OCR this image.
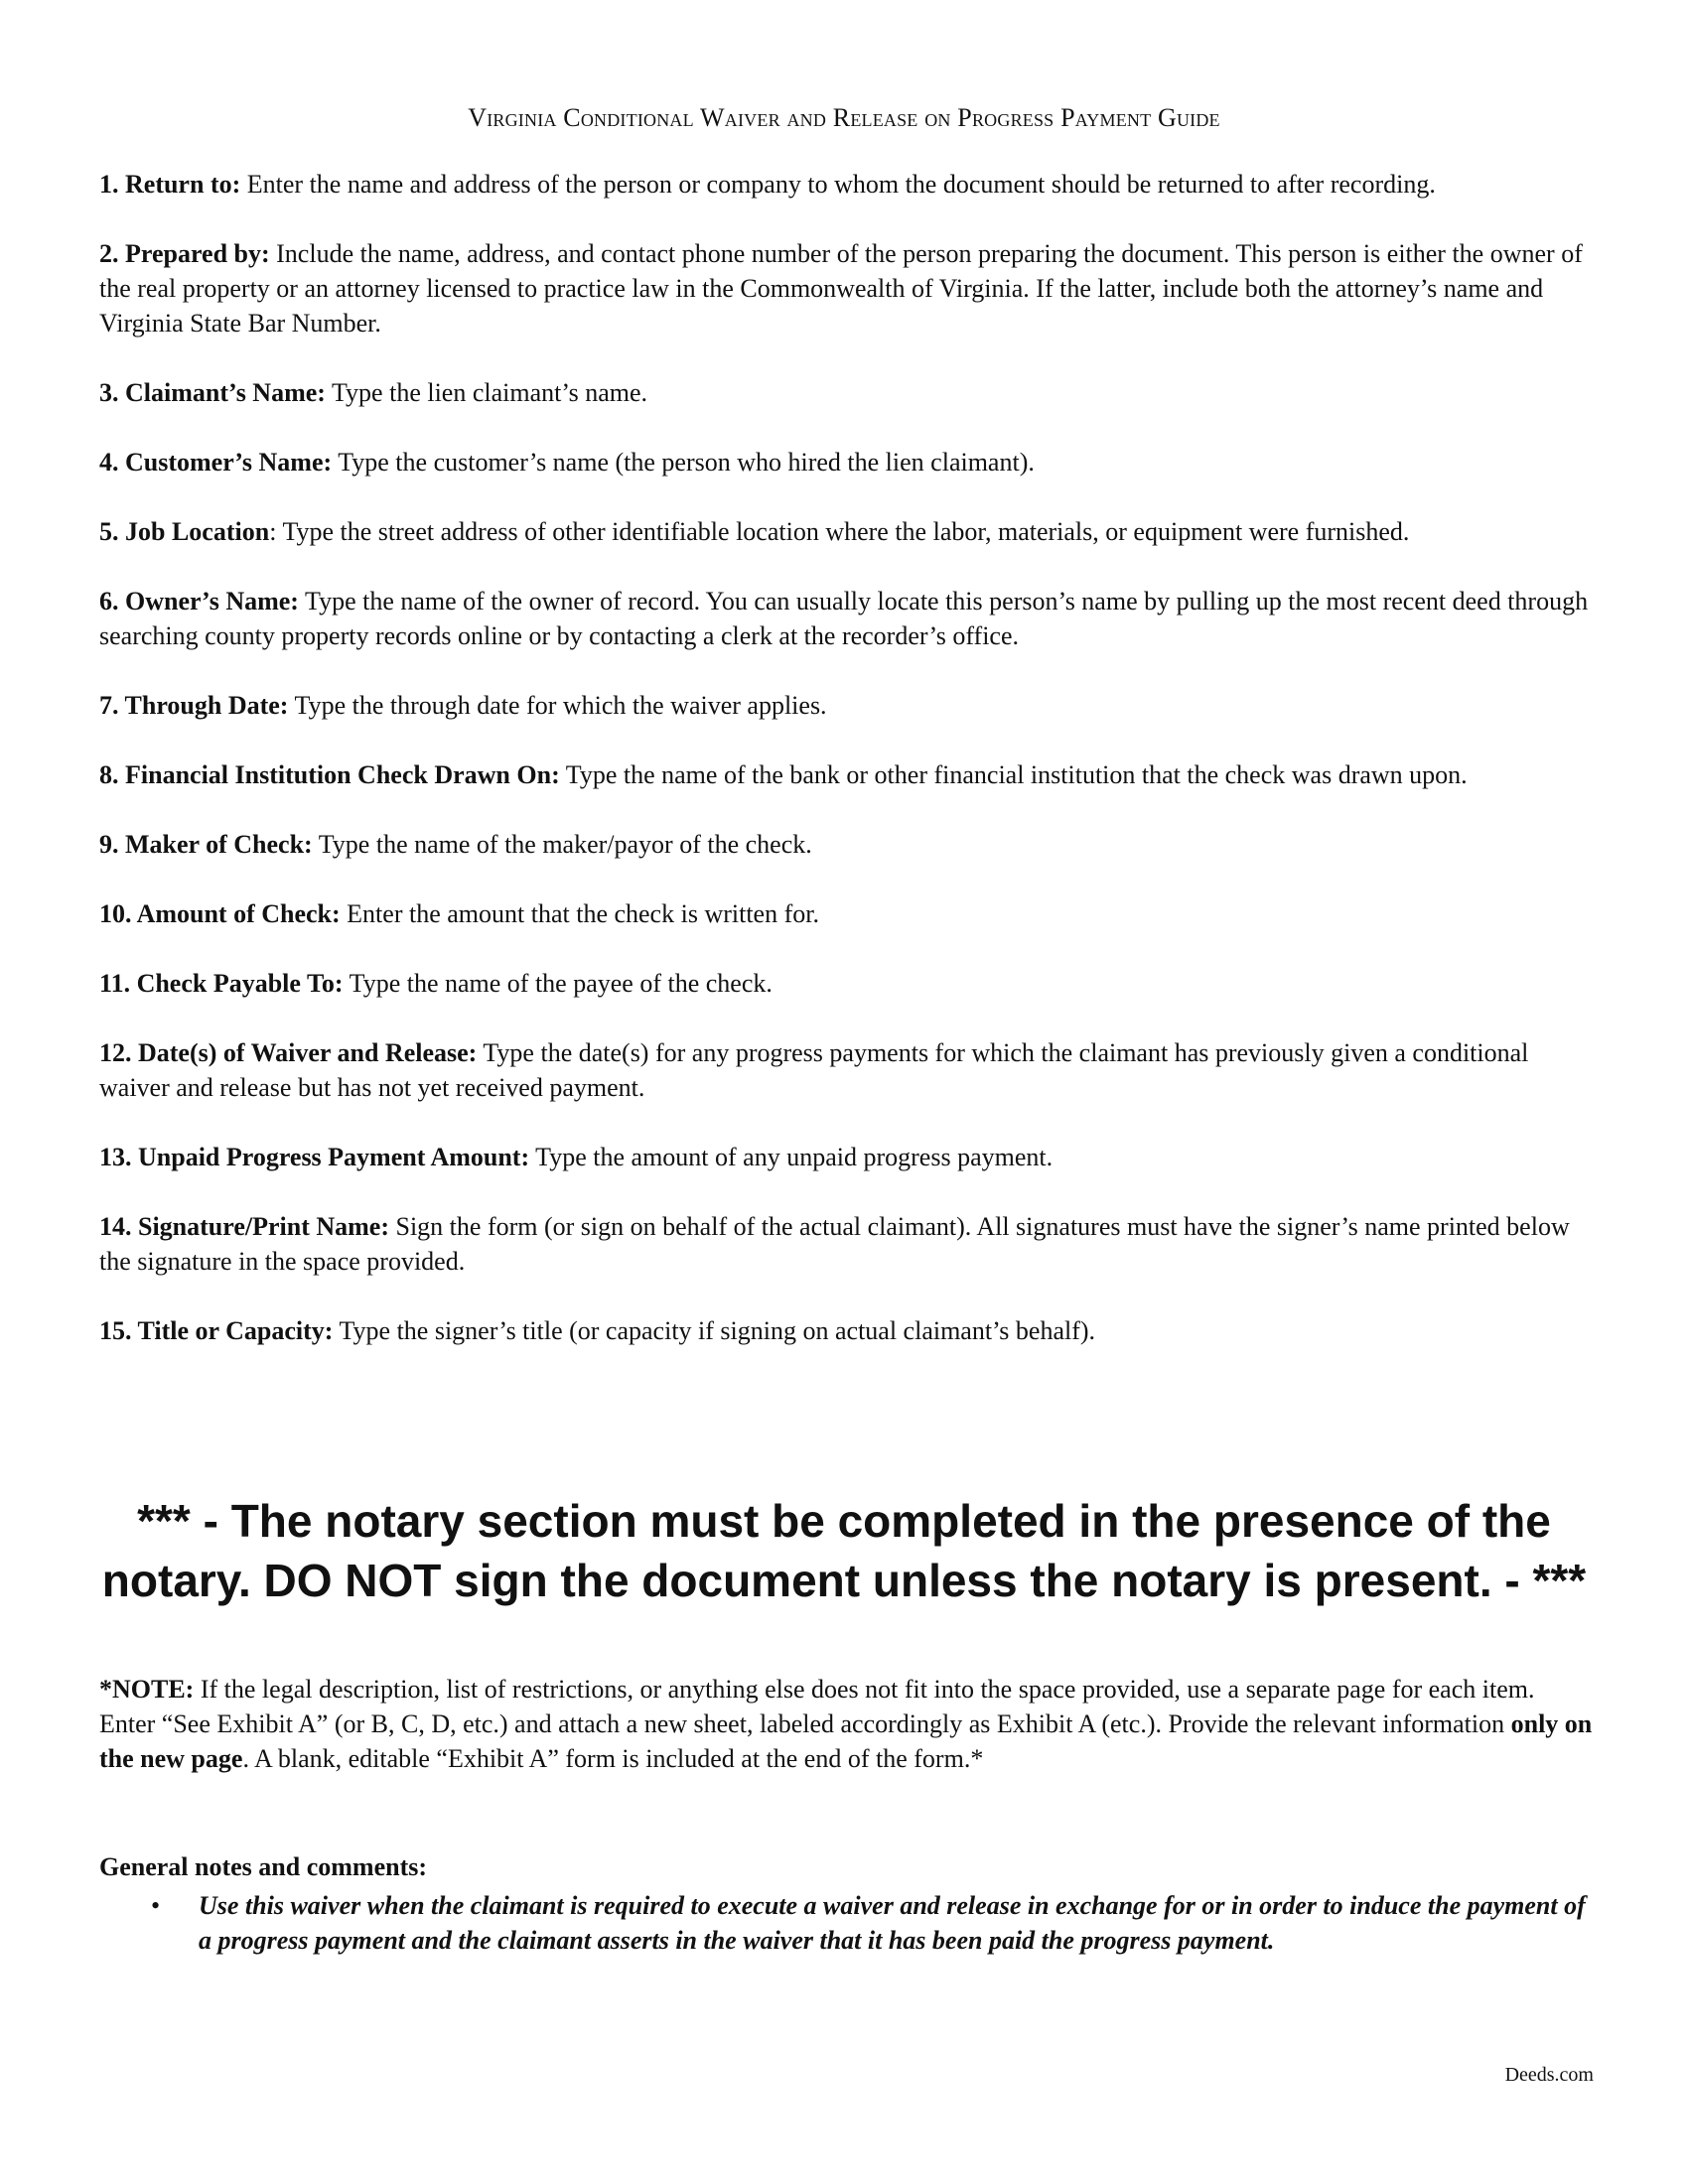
Virginia Conditional Waiver and Release on Progress Payment Guide

1. Return to: Enter the name and address of the person or company to whom the document should be returned to after recording.

2. Prepared by: Include the name, address, and contact phone number of the person preparing the document. This person is either the owner of the real property or an attorney licensed to practice law in the Commonwealth of Virginia. If the latter, include both the attorney’s name and Virginia State Bar Number.

3. Claimant’s Name: Type the lien claimant’s name.

4. Customer’s Name: Type the customer’s name (the person who hired the lien claimant).

5. Job Location: Type the street address of other identifiable location where the labor, materials, or equipment were furnished.

6. Owner’s Name: Type the name of the owner of record. You can usually locate this person’s name by pulling up the most recent deed through searching county property records online or by contacting a clerk at the recorder’s office.

7. Through Date: Type the through date for which the waiver applies.

8. Financial Institution Check Drawn On: Type the name of the bank or other financial institution that the check was drawn upon.

9. Maker of Check: Type the name of the maker/payor of the check.

10. Amount of Check: Enter the amount that the check is written for.

11. Check Payable To: Type the name of the payee of the check.

12. Date(s) of Waiver and Release: Type the date(s) for any progress payments for which the claimant has previously given a conditional waiver and release but has not yet received payment.

13. Unpaid Progress Payment Amount: Type the amount of any unpaid progress payment.

14. Signature/Print Name: Sign the form (or sign on behalf of the actual claimant). All signatures must have the signer’s name printed below the signature in the space provided.

15. Title or Capacity: Type the signer’s title (or capacity if signing on actual claimant’s behalf).

*** - The notary section must be completed in the presence of the notary. DO NOT sign the document unless the notary is present. - ***
*NOTE: If the legal description, list of restrictions, or anything else does not fit into the space provided, use a separate page for each item. Enter “See Exhibit A” (or B, C, D, etc.) and attach a new sheet, labeled accordingly as Exhibit A (etc.). Provide the relevant information only on the new page. A blank, editable “Exhibit A” form is included at the end of the form.*
General notes and comments:
• Use this waiver when the claimant is required to execute a waiver and release in exchange for or in order to induce the payment of a progress payment and the claimant asserts in the waiver that it has been paid the progress payment.
Deeds.com
